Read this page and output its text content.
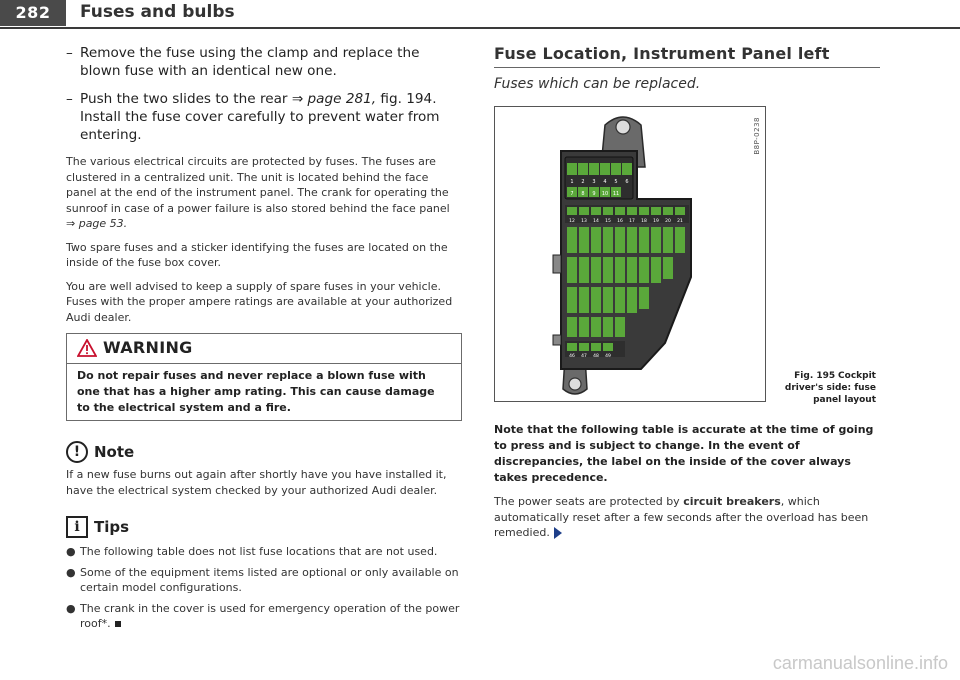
282	Fuses and bulbs
– Remove the fuse using the clamp and replace the blown fuse with an identical new one.
– Push the two slides to the rear ⇒ page 281, fig. 194. Install the fuse cover carefully to prevent water from entering.

The various electrical circuits are protected by fuses. The fuses are clustered in a centralized unit. The unit is located behind the face panel at the end of the instrument panel. The crank for operating the sunroof in case of a power failure is also stored behind the face panel ⇒ page 53.

Two spare fuses and a sticker identifying the fuses are located on the inside of the fuse box cover.

You are well advised to keep a supply of spare fuses in your vehicle. Fuses with the proper ampere ratings are available at your authorized Audi dealer.

WARNING
Do not repair fuses and never replace a blown fuse with one that has a higher amp rating. This can cause damage to the electrical system and a fire.
! Note

If a new fuse burns out again after shortly have you have installed it, have the electrical system checked by your authorized Audi dealer.

i Tips
● The following table does not list fuse locations that are not used.
● Some of the equipment items listed are optional or only available on certain model configurations.
● The crank in the cover is used for emergency operation of the power roof*.
Fuse Location, Instrument Panel left
Fuses which can be replaced.
1 2 3 4 5 6
7 8 9 10 11
12 13 14 15 16 17 18 19 20 21
46 47 48 49
B8P-0238
Fig. 195 Cockpit driver's side: fuse panel layout

Note that the following table is accurate at the time of going to press and is subject to change. In the event of discrepancies, the label on the inside of the cover always takes precedence.

The power seats are protected by circuit breakers, which automatically reset after a few seconds after the overload has been remedied.

carmanualsonline.info
